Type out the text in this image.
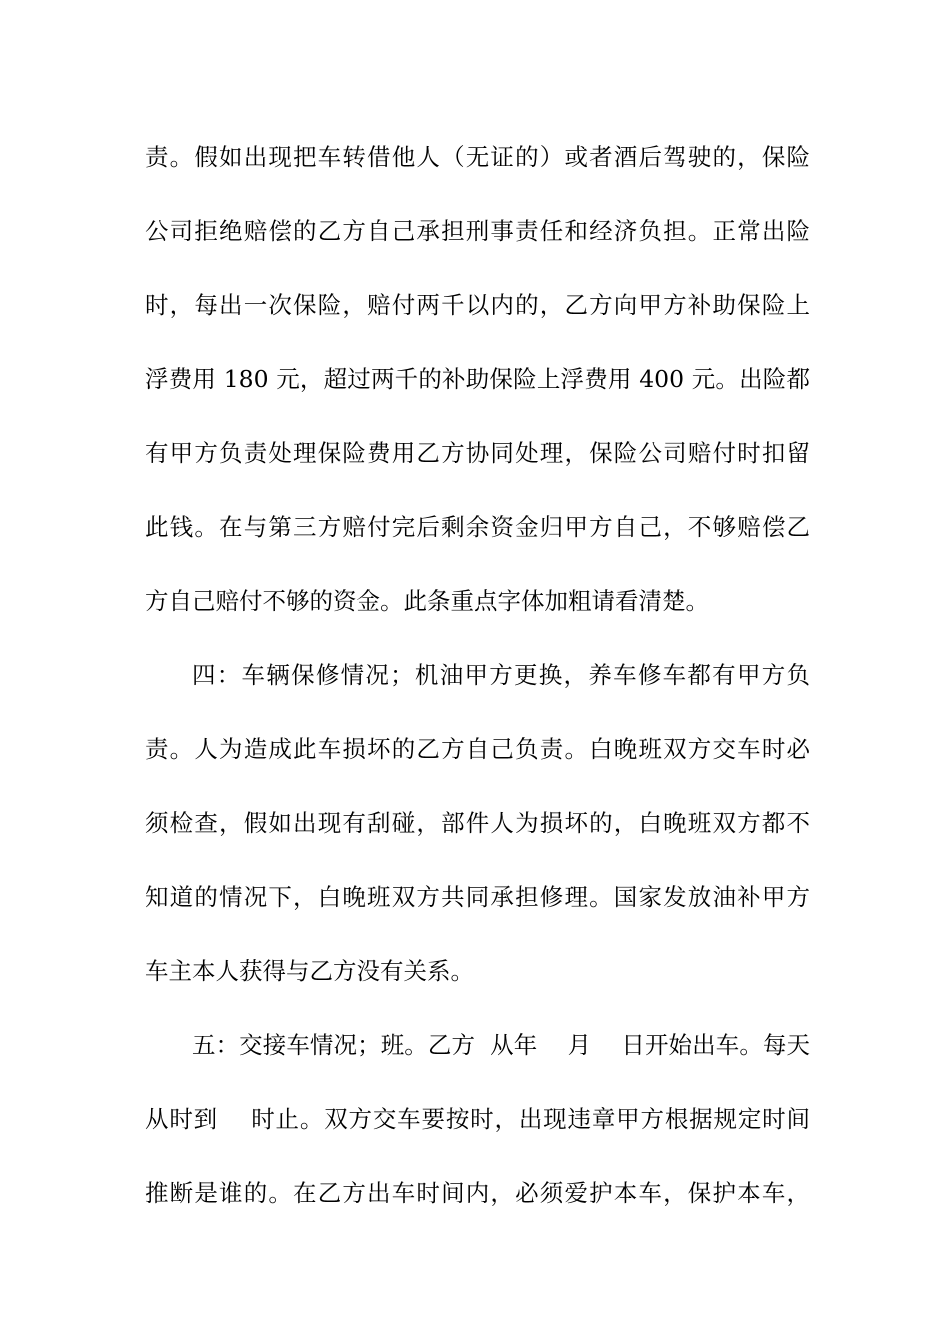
责。假如出现把车转借他人（无证的）或者酒后驾驶的，保险
公司拒绝赔偿的乙方自己承担刑事责任和经济负担。正常出险
时，每出一次保险，赔付两千以内的，乙方向甲方补助保险上
浮费用 180 元，超过两千的补助保险上浮费用 400 元。出险都
有甲方负责处理保险费用乙方协同处理，保险公司赔付时扣留
此钱。在与第三方赔付完后剩余资金归甲方自己，不够赔偿乙
方自己赔付不够的资金。此条重点字体加粗请看清楚。
四：车辆保修情况；机油甲方更换，养车修车都有甲方负
责。人为造成此车损坏的乙方自己负责。白晚班双方交车时必
须检查，假如出现有刮碰，部件人为损坏的，白晚班双方都不
知道的情况下，白晚班双方共同承担修理。国家发放油补甲方
车主本人获得与乙方没有关系。
五：交接车情况；班。乙方  从年    月    日开始出车。每天
从时到    时止。双方交车要按时，出现违章甲方根据规定时间
推断是谁的。在乙方出车时间内，必须爱护本车，保护本车，
